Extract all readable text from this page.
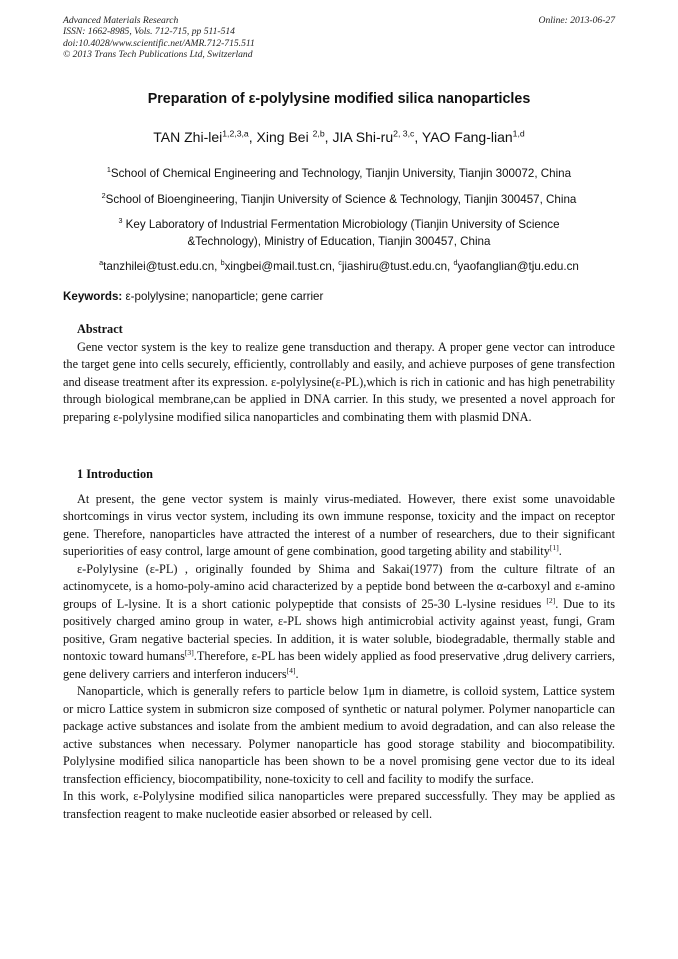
Advanced Materials Research
ISSN: 1662-8985, Vols. 712-715, pp 511-514
doi:10.4028/www.scientific.net/AMR.712-715.511
© 2013 Trans Tech Publications Ltd, Switzerland
Online: 2013-06-27
Preparation of ε-polylysine modified silica nanoparticles
TAN Zhi-lei$^{1,2,3,a}$, Xing Bei $^{2,b}$, JIA Shi-ru$^{2, 3,c}$, YAO Fang-lian$^{1,d}$
$^1$School of Chemical Engineering and Technology, Tianjin University, Tianjin 300072, China
$^2$School of Bioengineering, Tianjin University of Science & Technology, Tianjin 300457, China
$^3$ Key Laboratory of Industrial Fermentation Microbiology (Tianjin University of Science
&Technology), Ministry of Education, Tianjin 300457, China
$^a$tanzhilei@tust.edu.cn, $^b$xingbei@mail.tust.cn, $^c$jiashiru@tust.edu.cn, $^d$yaofanglian@tju.edu.cn
Keywords: ε-polylysine; nanoparticle; gene carrier

Abstract

Gene vector system is the key to realize gene transduction and therapy. A proper gene vector can introduce the target gene into cells securely, efficiently, controllably and easily, and achieve purposes of gene transfection and disease treatment after its expression. ε-polylysine(ε-PL),which is rich in cationic and has high penetrability through biological membrane,can be applied in DNA carrier. In this study, we presented a novel approach for preparing ε-polylysine modified silica nanoparticles and combinating them with plasmid DNA.

1 Introduction

At present, the gene vector system is mainly virus-mediated. However, there exist some unavoidable shortcomings in virus vector system, including its own immune response, toxicity and the impact on receptor gene. Therefore, nanoparticles have attracted the interest of a number of researchers, due to their significant superiorities of easy control, large amount of gene combination, good targeting ability and stability[1].

ε-Polylysine (ε-PL) , originally founded by Shima and Sakai(1977) from the culture filtrate of an actinomycete, is a homo-poly-amino acid characterized by a peptide bond between the α-carboxyl and ε-amino groups of L-lysine. It is a short cationic polypeptide that consists of 25-30 L-lysine residues [2]. Due to its positively charged amino group in water, ε-PL shows high antimicrobial activity against yeast, fungi, Gram positive, Gram negative bacterial species. In addition, it is water soluble, biodegradable, thermally stable and nontoxic toward humans[3].Therefore, ε-PL has been widely applied as food preservative ,drug delivery carriers, gene delivery carriers and interferon inducers[4].

Nanoparticle, which is generally refers to particle below 1μm in diametre, is colloid system, Lattice system or micro Lattice system in submicron size composed of synthetic or natural polymer. Polymer nanoparticle can package active substances and isolate from the ambient medium to avoid degradation, and can also release the active substances when necessary. Polymer nanoparticle has good storage stability and biocompatibility. Polylysine modified silica nanoparticle has been shown to be a novel promising gene vector due to its ideal transfection efficiency, biocompatibility, none-toxicity to cell and facility to modify the surface.

In this work, ε-Polylysine modified silica nanoparticles were prepared successfully. They may be applied as transfection reagent to make nucleotide easier absorbed or released by cell.
